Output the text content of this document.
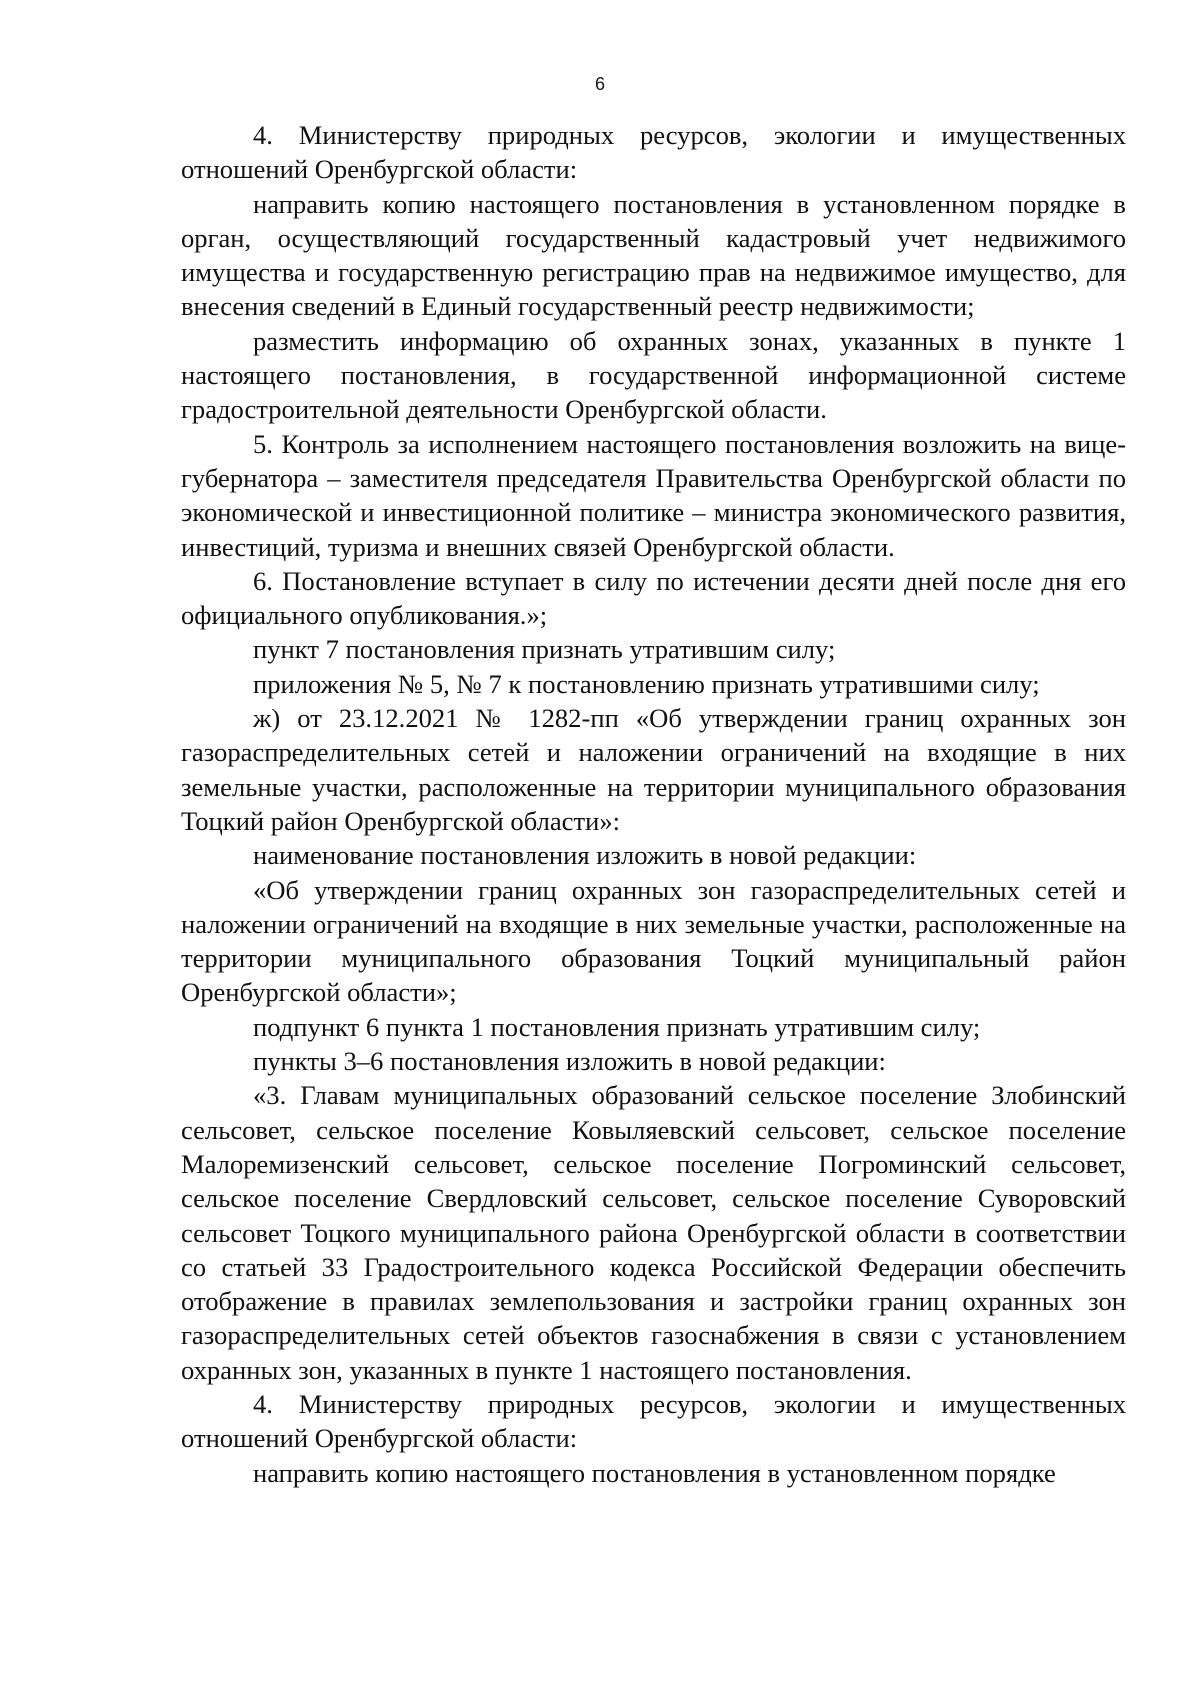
6

4. Министерству природных ресурсов, экологии и имущественных отношений Оренбургской области:

направить копию настоящего постановления в установленном порядке в орган, осуществляющий государственный кадастровый учет недвижимого имущества и государственную регистрацию прав на недвижимое имущество, для внесения сведений в Единый государственный реестр недвижимости;

разместить информацию об охранных зонах, указанных в пункте 1 настоящего постановления, в государственной информационной системе градостроительной деятельности Оренбургской области.

5. Контроль за исполнением настоящего постановления возложить на вице-губернатора – заместителя председателя Правительства Оренбургской области по экономической и инвестиционной политике – министра экономического развития, инвестиций, туризма и внешних связей Оренбургской области.

6. Постановление вступает в силу по истечении десяти дней после дня его официального опубликования.»;

пункт 7 постановления признать утратившим силу;

приложения № 5, № 7 к постановлению признать утратившими силу;

ж) от 23.12.2021 № 1282-пп «Об утверждении границ охранных зон газораспределительных сетей и наложении ограничений на входящие в них земельные участки, расположенные на территории муниципального образования Тоцкий район Оренбургской области»:

наименование постановления изложить в новой редакции:

«Об утверждении границ охранных зон газораспределительных сетей и наложении ограничений на входящие в них земельные участки, расположенные на территории муниципального образования Тоцкий муниципальный район Оренбургской области»;

подпункт 6 пункта 1 постановления признать утратившим силу;

пункты 3–6 постановления изложить в новой редакции:

«3. Главам муниципальных образований сельское поселение Злобинский сельсовет, сельское поселение Ковыляевский сельсовет, сельское поселение Малоремизенский сельсовет, сельское поселение Погроминский сельсовет, сельское поселение Свердловский сельсовет, сельское поселение Суворовский сельсовет Тоцкого муниципального района Оренбургской области в соответствии со статьей 33 Градостроительного кодекса Российской Федерации обеспечить отображение в правилах землепользования и застройки границ охранных зон газораспределительных сетей объектов газоснабжения в связи с установлением охранных зон, указанных в пункте 1 настоящего постановления.

4. Министерству природных ресурсов, экологии и имущественных отношений Оренбургской области:

направить копию настоящего постановления в установленном порядке
